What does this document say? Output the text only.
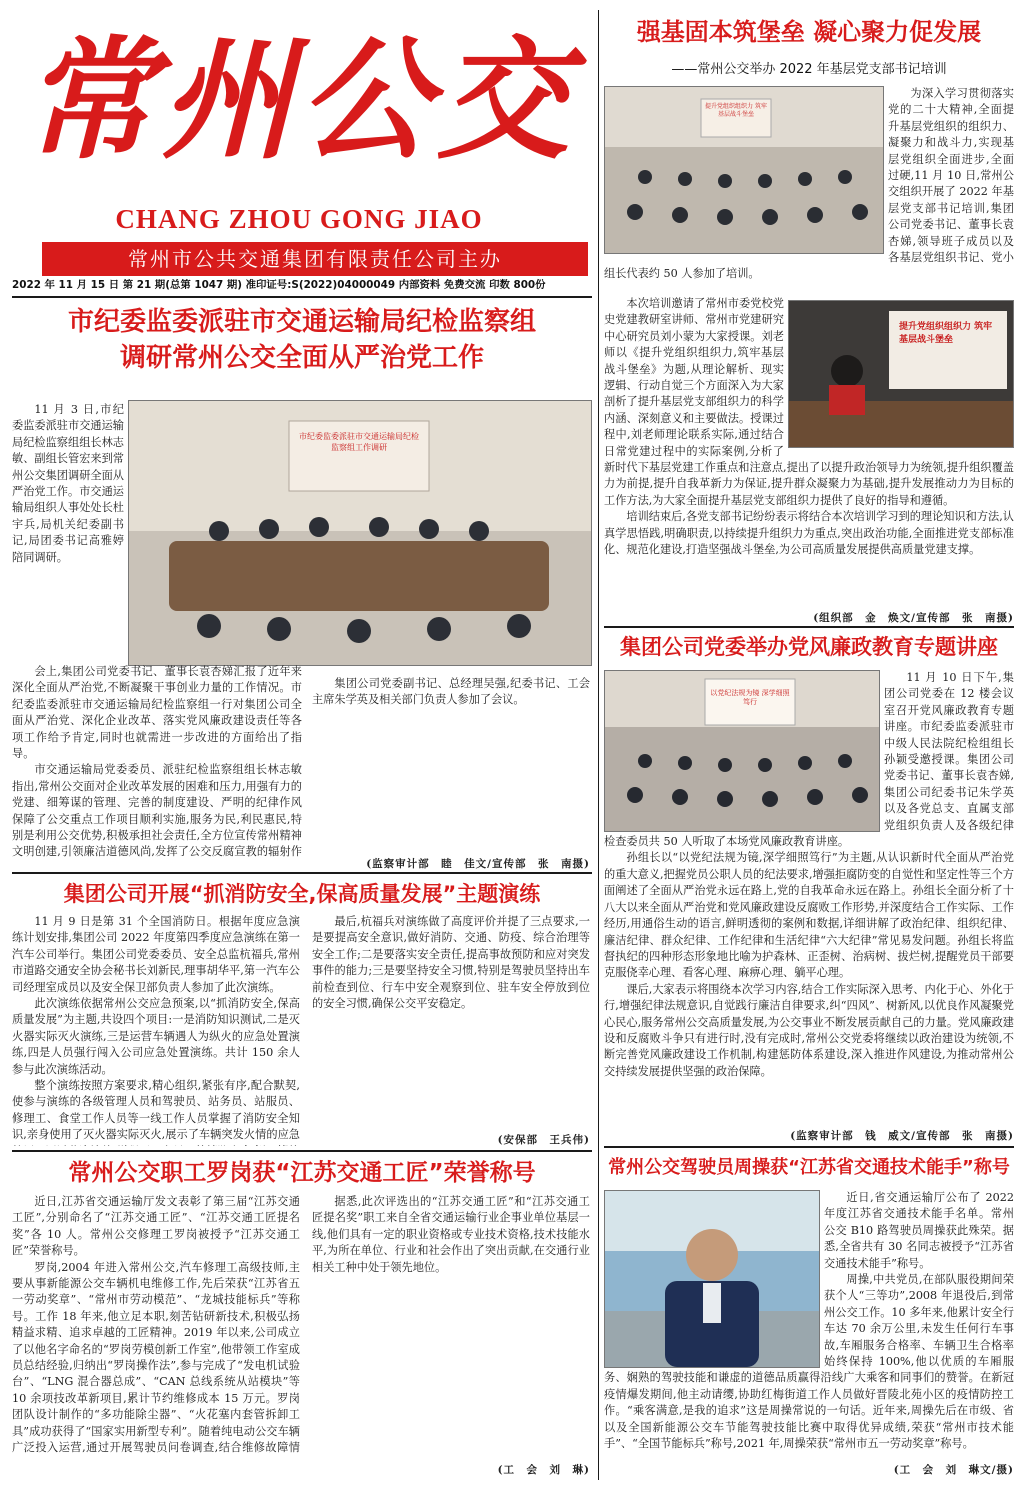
常州公交
CHANG ZHOU GONG JIAO
常州市公共交通集团有限责任公司主办
2022 年 11 月 15 日 第 21 期(总第 1047 期) 准印证号:S(2022)04000049 内部资料 免费交流 印数 800份
市纪委监委派驻市交通运输局纪检监察组
调研常州公交全面从严治党工作
市纪委监委派驻市交通运输局纪检监察组工作调研

11 月 3 日,市纪委监委派驻市交通运输局纪检监察组组长林志敏、副组长管宏来到常州公交集团调研全面从严治党工作。市交通运输局组织人事处处长杜宇兵,局机关纪委副书记,局团委书记高雅婷陪同调研。

会上,集团公司党委书记、董事长袁杏娣汇报了近年来深化全面从严治党,不断凝聚干事创业力量的工作情况。市纪委监委派驻市交通运输局纪检监察组一行对集团公司全面从严治党、深化企业改革、落实党风廉政建设责任等各项工作给予肯定,同时也就需进一步改进的方面给出了指导。

市交通运输局党委委员、派驻纪检监察组组长林志敏指出,常州公交面对企业改革发展的困难和压力,用强有力的党建、细筹谋的管理、完善的制度建设、严明的纪律作风保障了公交重点工作项目顺利实施,服务为民,利民惠民,特别是利用公交优势,积极承担社会责任,全方位宣传常州精神文明创建,引领廉洁道德风尚,发挥了公交反腐宣教的辐射作

集团公司党委副书记、总经理吴强,纪委书记、工会主席朱学英及相关部门负责人参加了会议。

(监察审计部　睦　佳文/宣传部　张　南摄)
集团公司开展“抓消防安全,保高质量发展”主题演练

11 月 9 日是第 31 个全国消防日。根据年度应急演练计划安排,集团公司 2022 年度第四季度应急演练在第一汽车公司举行。集团公司党委委员、安全总监杭福兵,常州市道路交通安全协会秘书长刘新民,理事胡华平,第一汽车公司经理室成员以及安全保卫部负责人参加了此次演练。

此次演练依据常州公交应急预案,以“抓消防安全,保高质量发展”为主题,共设四个项目:一是消防知识测试,二是灭火器实际灭火演练,三是运营车辆遇人为纵火的应急处置演练,四是人员强行闯入公司应急处置演练。共计 150 余人参与此次演练活动。

整个演练按照方案要求,精心组织,紧张有序,配合默契,使参与演练的各级管理人员和驾驶员、站务员、站服员、修理工、食堂工作人员等一线工作人员掌握了消防安全知识,亲身使用了灭火器实际灭火,展示了车辆突发火情的应急

最后,杭福兵对演练做了高度评价并提了三点要求,一是要提高安全意识,做好消防、交通、防疫、综合治理等安全工作;二是要落实安全责任,提高事故预防和应对突发事件的能力;三是要坚持安全习惯,特别是驾驶员坚持出车前检查到位、行车中安全观察到位、驻车安全停放到位的安全习惯,确保公交平安稳定。

(安保部　王兵伟)
常州公交职工罗岗获“江苏交通工匠”荣誉称号

近日,江苏省交通运输厅发文表彰了第三届“江苏交通工匠”,分别命名了“江苏交通工匠”、“江苏交通工匠提名奖”各 10 人。常州公交修理工罗岗被授予“江苏交通工匠”荣誉称号。

罗岗,2004 年进入常州公交,汽车修理工高级技师,主要从事新能源公交车辆机电维修工作,先后荣获“江苏省五一劳动奖章”、“常州市劳动模范”、“龙城技能标兵”等称号。工作 18 年来,他立足本职,刻苦钻研新技术,积极弘扬精益求精、追求卓越的工匠精神。2019 年以来,公司成立了以他名字命名的“罗岗劳模创新工作室”,他带领工作室成员总结经验,归纳出“罗岗操作法”,参与完成了“发电机试验台”、“LNG 混合器总成”、“CAN 总线系统从站模块”等 10 余项技改革新项目,累计节约维修成本 15 万元。罗岗团队设计制作的“多功能除尘器”、“火花塞内套管拆卸工具”成功获得了“国家实用新型专利”。随着纯电动公交车辆广泛投入运营,通过开展驾驶员问卷调查,结合维修故障情

据悉,此次评选出的“江苏交通工匠”和“江苏交通工匠提名奖”职工来自全省交通运输行业企事业单位基层一线,他们具有一定的职业资格或专业技术资格,技术技能水平,为所在单位、行业和社会作出了突出贡献,在交通行业相关工种中处于领先地位。

(工　会　刘　琳)
强基固本筑堡垒 凝心聚力促发展
——常州公交举办 2022 年基层党支部书记培训
提升党组织组织力 筑牢基层战斗堡垒

为深入学习贯彻落实党的二十大精神,全面提升基层党组织的组织力、凝聚力和战斗力,实现基层党组织全面进步,全面过硬,11 月 10 日,常州公交组织开展了 2022 年基层党支部书记培训,集团公司党委书记、董事长袁杏娣,领导班子成员以及各基层党组织书记、党小组长代表约 50 人参加了培训。

提升党组织组织力 筑牢基层战斗堡垒

本次培训邀请了常州市委党校党史党建教研室讲师、常州市党建研究中心研究员刘小蒙为大家授课。刘老师以《提升党组织组织力,筑牢基层战斗堡垒》为题,从理论解析、现实逻辑、行动自觉三个方面深入为大家剖析了提升基层党支部组织力的科学内涵、深刻意义和主要做法。授课过程中,刘老师理论联系实际,通过结合日常党建过程中的实际案例,分析了新时代下基层党建工作重点和注意点,提出了以提升政治领导力为统领,提升组织覆盖力为前提,提升自我革新力为保证,提升群众凝聚力为基础,提升发展推动力为目标的工作方法,为大家全面提升基层党支部组织力提供了良好的指导和遵循。

培训结束后,各党支部书记纷纷表示将结合本次培训学习到的理论知识和方法,认真学思悟践,明确职责,以持续提升组织力为重点,突出政治功能,全面推进党支部标准化、规范化建设,打造坚强战斗堡垒,为公司高质量发展提供高质量党建支撑。

(组织部　金　焕文/宣传部　张　南摄)
集团公司党委举办党风廉政教育专题讲座
以党纪法规为镜 深学细照笃行

11 月 10 日下午,集团公司党委在 12 楼会议室召开党风廉政教育专题讲座。市纪委监委派驻市中级人民法院纪检组组长孙颖受邀授课。集团公司党委书记、董事长袁杏娣,集团公司纪委书记朱学英以及各党总支、直属支部党组织负责人及各级纪律检查委员共 50 人听取了本场党风廉政教育讲座。

孙组长以“以党纪法规为镜,深学细照笃行”为主题,从认识新时代全面从严治党的重大意义,把握党员公职人员的纪法要求,增强拒腐防变的自觉性和坚定性等三个方面阐述了全面从严治党永远在路上,党的自我革命永远在路上。孙组长全面分析了十八大以来全面从严治党和党风廉政建设反腐败工作形势,并深度结合工作实际、工作经历,用通俗生动的语言,鲜明透彻的案例和数据,详细讲解了政治纪律、组织纪律、廉洁纪律、群众纪律、工作纪律和生活纪律“六大纪律”常见易发问题。孙组长将监督执纪的四种形态形象地比喻为护森林、正歪树、治病树、拔烂树,提醒党员干部要克服侥幸心理、看客心理、麻痹心理、躺平心理。

课后,大家表示将围绕本次学习内容,结合工作实际深入思考、内化于心、外化于行,增强纪律法规意识,自觉践行廉洁自律要求,纠“四风”、树新风,以优良作风凝聚党心民心,服务常州公交高质量发展,为公交事业不断发展贡献自己的力量。党风廉政建设和反腐败斗争只有进行时,没有完成时,常州公交党委将继续以政治建设为统领,不断完善党风廉政建设工作机制,构建惩防体系建设,深入推进作风建设,为推动常州公交持续发展提供坚强的政治保障。

(监察审计部　钱　威文/宣传部　张　南摄)
常州公交驾驶员周操获“江苏省交通技术能手”称号

近日,省交通运输厅公布了 2022 年度江苏省交通技术能手名单。常州公交 B10 路驾驶员周操获此殊荣。据悉,全省共有 30 名同志被授予“江苏省交通技术能手”称号。

周操,中共党员,在部队服役期间荣获个人“三等功”,2008 年退役后,到常州公交工作。10 多年来,他累计安全行车达 70 余万公里,未发生任何行车事故,车厢服务合格率、车辆卫生合格率始终保持 100%,他以优质的车厢服务、娴熟的驾驶技能和谦虚的道德品质赢得沿线广大乘客和同事们的赞誉。在新冠疫情爆发期间,他主动请缨,协助红梅街道工作人员做好晋陵北苑小区的疫情防控工作。“乘客满意,是我的追求”这是周操常说的一句话。近年来,周操先后在市级、省以及全国新能源公交车节能驾驶技能比赛中取得优异成绩,荣获“常州市技术能手”、“全国节能标兵”称号,2021 年,周操荣获“常州市五一劳动奖章”称号。

(工　会　刘　琳文/摄)
